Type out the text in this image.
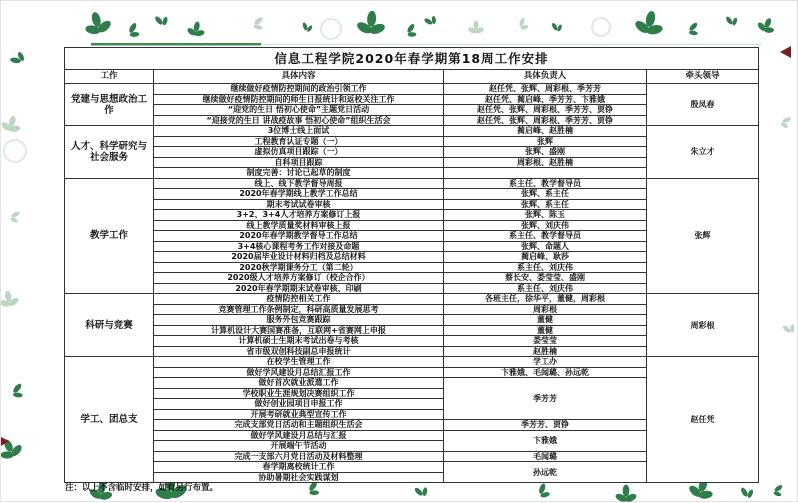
信息工程学院2020年春学期第18周工作安排			
工作	具体内容	具体负责人	牵头领导
党建与思想政治工作	继续做好疫情防控期间的政治引领工作	赵任凭、张辉、周彩根、季芳芳	殷凤春
	继续做好疫情防控期间的师生日报统计和返校关注工作	赵任凭、蔺启峰、季芳芳、卞雅娥	
	“迎党的生日 悟初心使命”主题党日活动	赵任凭、张辉、周彩根、季芳芳、贾铮	
	“迎接党的生日 讲战疫故事 悟初心使命”组织生活会	赵任凭、张辉、周彩根、季芳芳、贾铮	
人才、科学研究与社会服务	3位博士线上面试	蔺启峰、赵胜楠	朱立才
	工程教育认证专题（一）	张辉	
	虚拟仿真项目跟踪（一）	张辉、盛刚	
	自科项目跟踪	周彩根、赵胜楠	
	制度完善：讨论已起草的制度		
教学工作	线上、线下教学督导周报	系主任、教学督导员	张辉
	2020年春学期线上教学工作总结	张辉、系主任	
	期末考试试卷审核	张辉、系主任	
	3+2、3+4人才培养方案修订上报	张辉、陈玉	
	线上教学质量奖材料审核上报	张辉、刘庆伟	
	2020年春学期教学督导工作总结	系主任、教学督导员	
	3+4核心课程考务工作对接及命题	张辉、命题人	
	2020届毕业设计材料归档及总结材料	蔺启峰、耿莎	
	2020秋学期课务分工（第二轮）	系主任、刘庆伟	
	2020级人才培养方案修订（校企合作）	蔡长安、娄莹莹、盛刚	
	2020年春学期期末试卷审核、印刷	系主任、刘庆伟	
科研与竞赛	疫情防控相关工作	各班主任，徐华平，董健，周彩根	周彩根
	竞赛管理工作条例制定，科研高质量发展思考	周彩根	
	服务外包竞赛跟踪	董健	
	计算机设计大赛国赛准备，互联网+省赛网上申报	董健	
	计算机硕士生期末考试出卷与考核	娄莹莹	
	省市级双创科技副总申报统计	赵胜楠	
学工、团总支	在校学生管理工作	学工办	赵任凭
	做好学风建设月总结汇报工作	卞雅娥、毛闻璐、孙远乾	
	做好首次就业派遣工作	季芳芳	
	学校职业生涯规划决赛组织工作		
	做好创业园项目申报工作		
	开展考研就业典型宣传工作		
	完成支部党日活动和主题组织生活会	季芳芳、贾铮	
	做好学风建设月总结与汇报	卞雅娥	
	开展端午节活动		
	完成一支部六月党日活动及材料整理	毛闻璐	
	春学期离校统计工作	孙远乾	
	协助暑期社会实践谋划		
注：以上不含临时安排，如有另行布置。
